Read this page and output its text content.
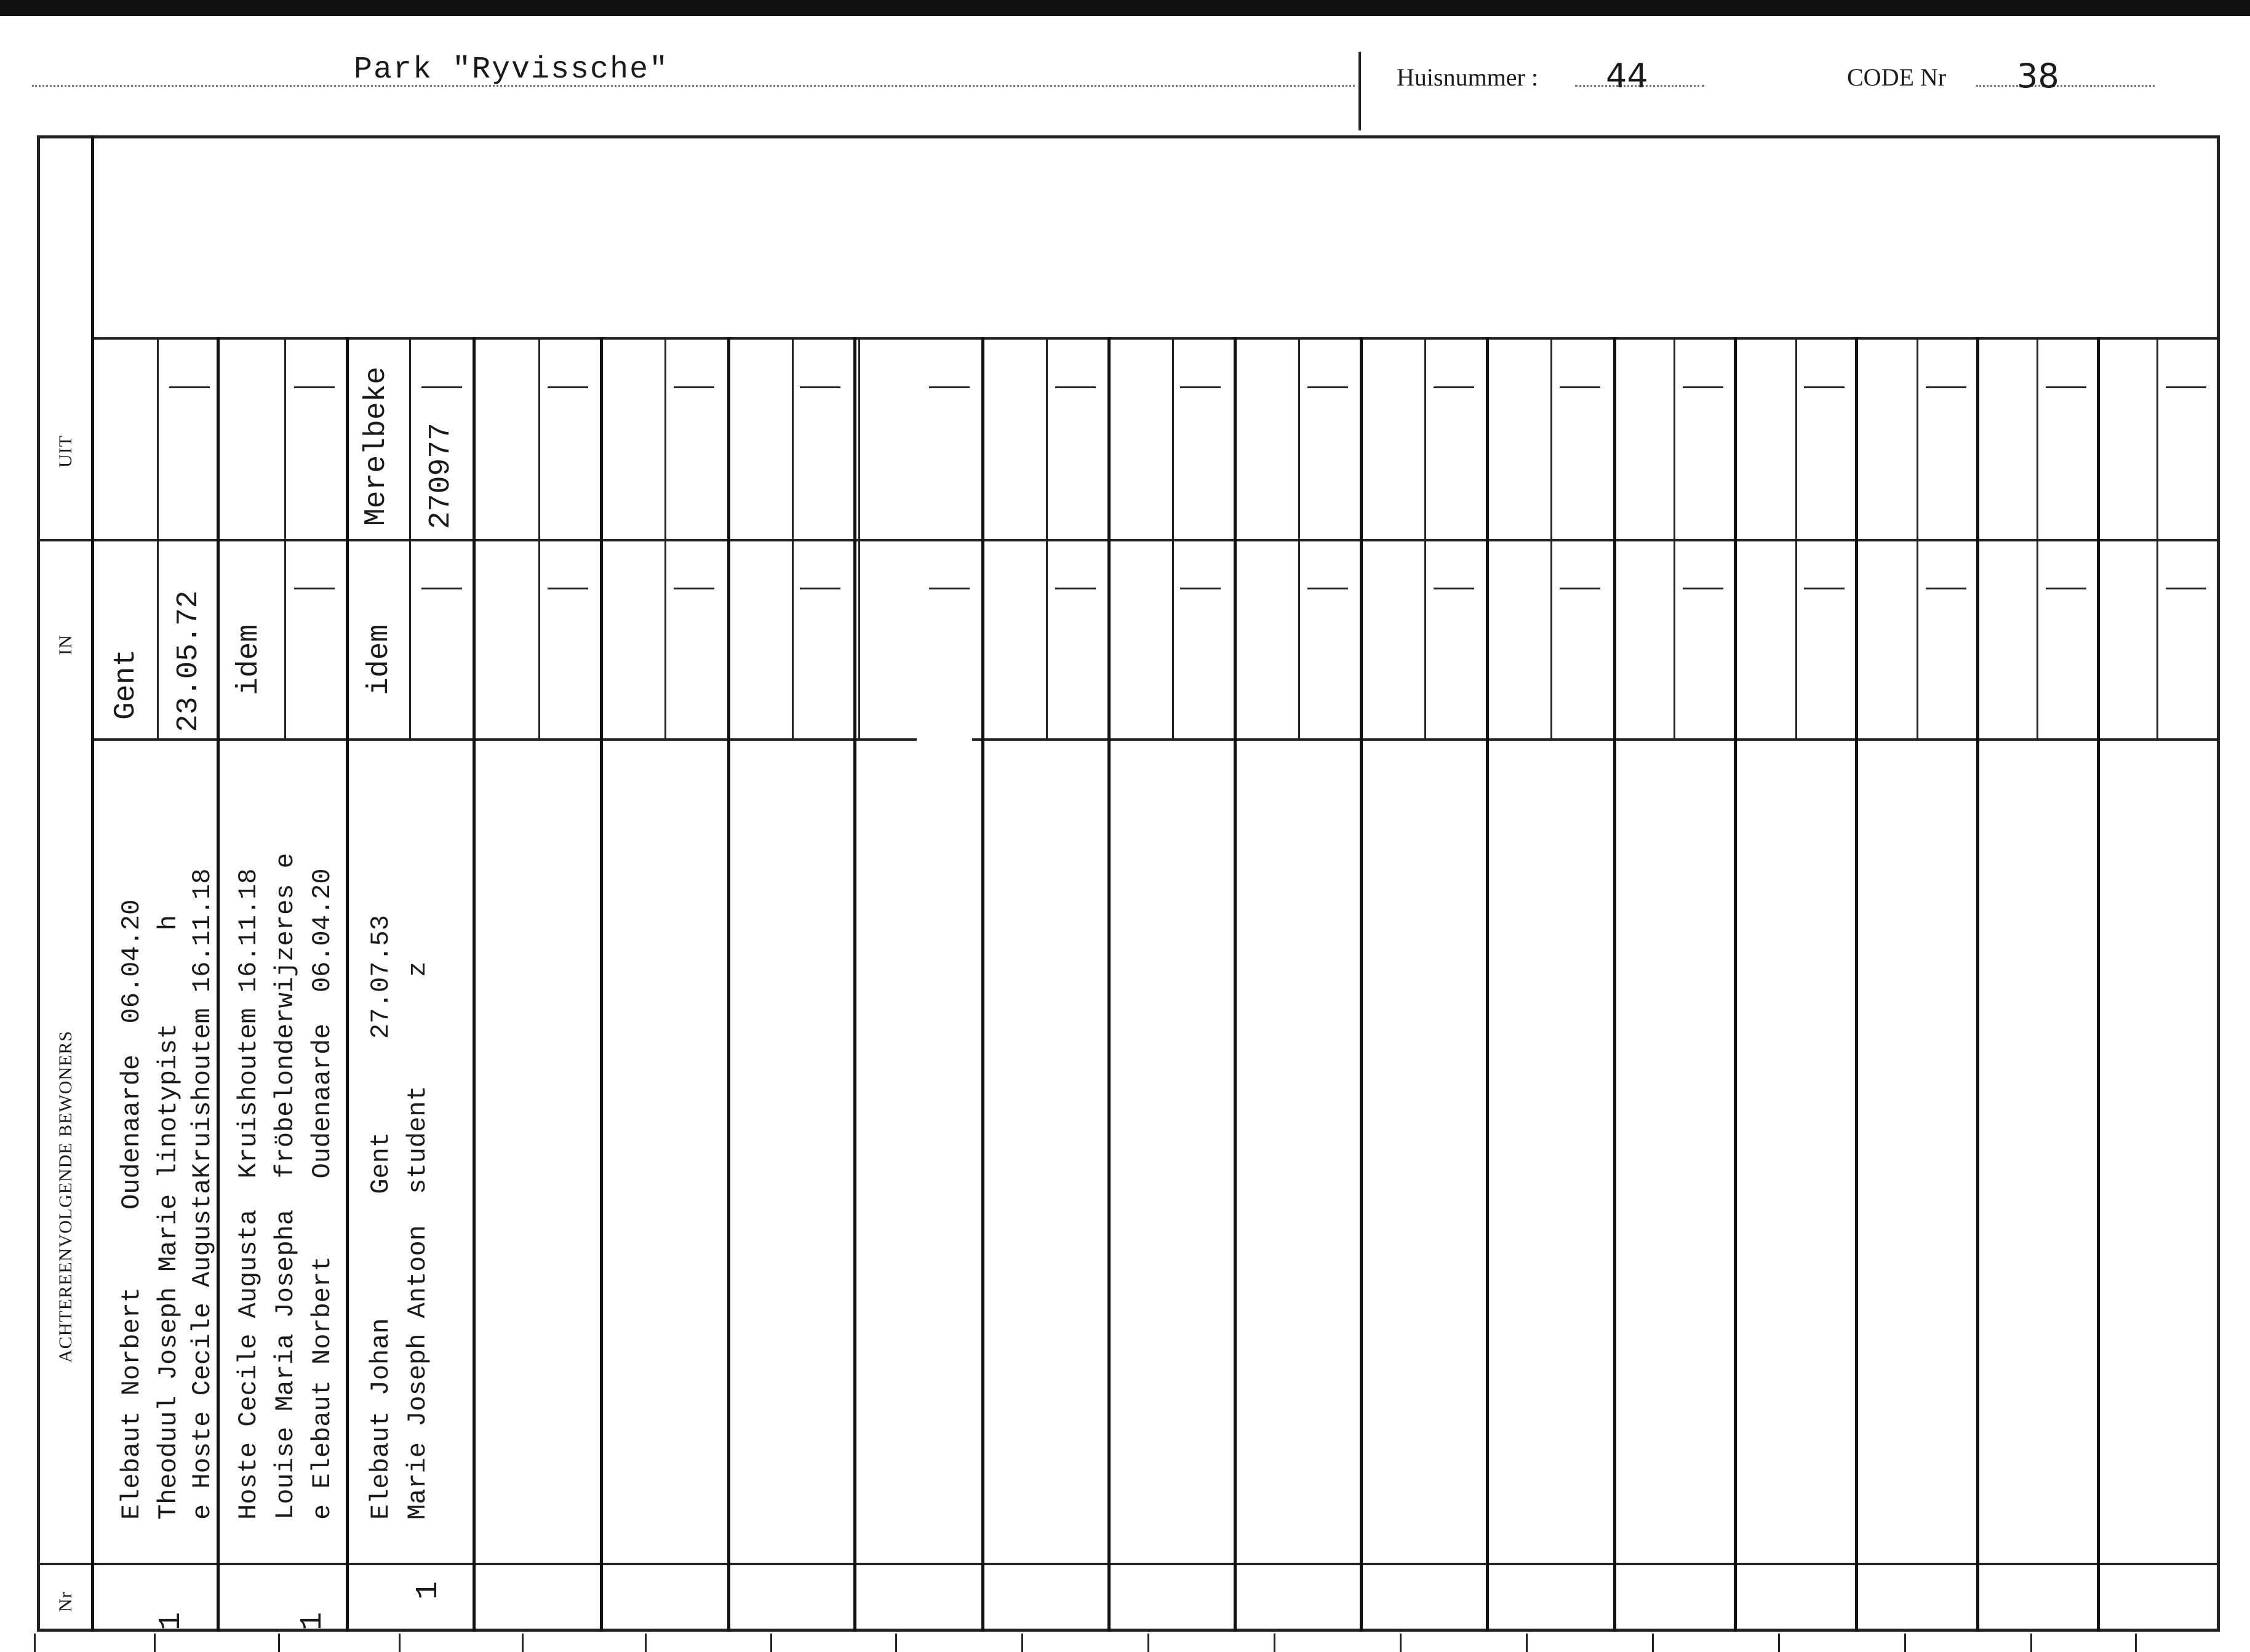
Park "Ryvissche"	Huisnummer : 44	CODE Nr 38
UIT
IN
ACHTEREENVOLGENDE BEWONERS
Nr
Gent 23.05.72
Elebaut Norbert     Oudenaarde  06.04.20 Theoduul Joseph Marie linotypist      h e Hoste Cecile AugustaKruishoutem 16.11.18
1
idem
Hoste Cecile Augusta  Kruishoutem 16.11.18 Louise Maria Josepha  fröbelonderwijzeres e e Elebaut Norbert     Oudenaarde  06.04.20
1
Merelbeke 270977
idem
Elebaut Johan        Gent      27.07.53 Marie Joseph Antoon  student       z
1
